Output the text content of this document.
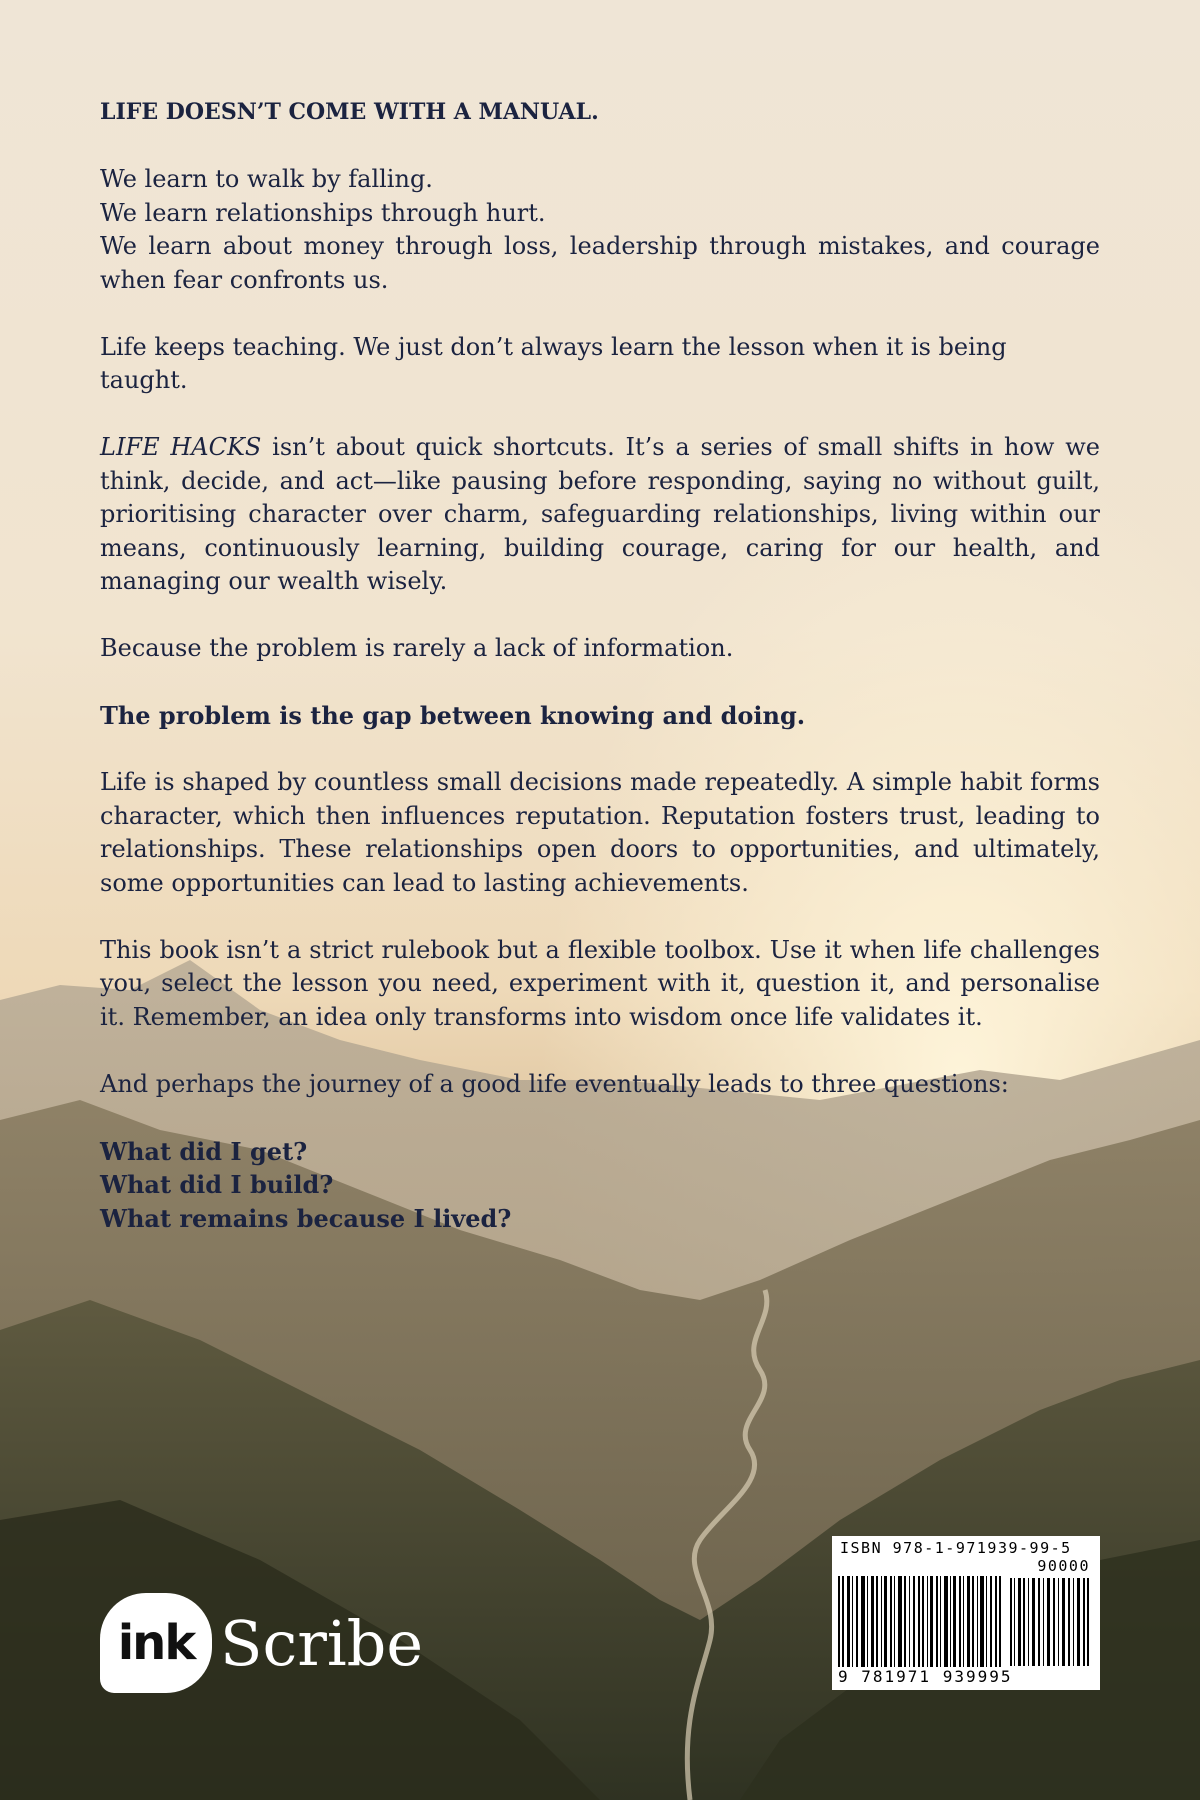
LIFE DOESN’T COME WITH A MANUAL.

We learn to walk by falling.
We learn relationships through hurt.
We learn about money through loss, leadership through mistakes, and courage when fear confronts us.

Life keeps teaching. We just don’t always learn the lesson when it is being taught.

LIFE HACKS isn’t about quick shortcuts. It’s a series of small shifts in how we think, decide, and act—like pausing before responding, saying no without guilt, prioritising character over charm, safeguarding relationships, living within our means, continuously learning, building courage, caring for our health, and managing our wealth wisely.

Because the problem is rarely a lack of information.

The problem is the gap between knowing and doing.

Life is shaped by countless small decisions made repeatedly. A simple habit forms character, which then influences reputation. Reputation fosters trust, leading to relationships. These relationships open doors to opportunities, and ultimately, some opportunities can lead to lasting achievements.

This book isn’t a strict rulebook but a flexible toolbox. Use it when life challenges you, select the lesson you need, experiment with it, question it, and personalise it. Remember, an idea only transforms into wisdom once life validates it.

And perhaps the journey of a good life eventually leads to three questions:

What did I get?
What did I build?
What remains because I lived?

ink Scribe
ISBN 978-1-971939-99-5
90000
9 781971 939995
